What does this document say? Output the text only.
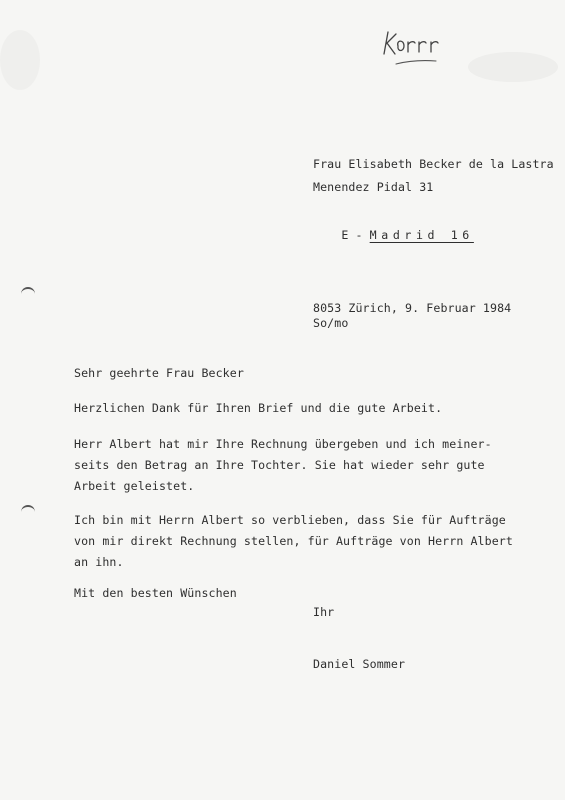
Frau Elisabeth Becker de la Lastra
Menendez Pidal 31

E - Madrid 16

8053 Zürich, 9. Februar 1984
So/mo
Sehr geehrte Frau Becker
Herzlichen Dank für Ihren Brief und die gute Arbeit.
Herr Albert hat mir Ihre Rechnung übergeben und ich meiner-
seits den Betrag an Ihre Tochter. Sie hat wieder sehr gute
Arbeit geleistet.
Ich bin mit Herrn Albert so verblieben, dass Sie für Aufträge
von mir direkt Rechnung stellen, für Aufträge von Herrn Albert
an ihn.
Mit den besten Wünschen
Ihr
Daniel Sommer
